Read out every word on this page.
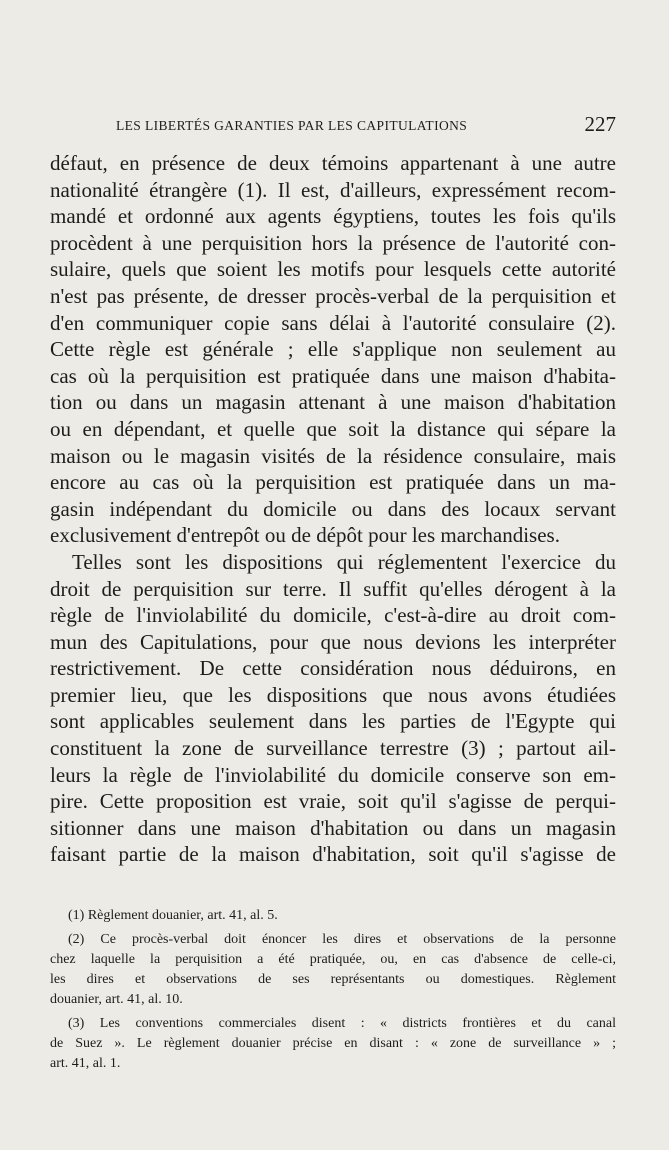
LES LIBERTÉS GARANTIES PAR LES CAPITULATIONS	227

défaut, en présence de deux témoins appartenant à une autre
nationalité étrangère (1). Il est, d'ailleurs, expressément recom-
mandé et ordonné aux agents égyptiens, toutes les fois qu'ils
procèdent à une perquisition hors la présence de l'autorité con-
sulaire, quels que soient les motifs pour lesquels cette autorité
n'est pas présente, de dresser procès-verbal de la perquisition et
d'en communiquer copie sans délai à l'autorité consulaire (2).
Cette règle est générale ; elle s'applique non seulement au
cas où la perquisition est pratiquée dans une maison d'habita-
tion ou dans un magasin attenant à une maison d'habitation
ou en dépendant, et quelle que soit la distance qui sépare la
maison ou le magasin visités de la résidence consulaire, mais
encore au cas où la perquisition est pratiquée dans un ma-
gasin indépendant du domicile ou dans des locaux servant
exclusivement d'entrepôt ou de dépôt pour les marchandises.

Telles sont les dispositions qui réglementent l'exercice du
droit de perquisition sur terre. Il suffit qu'elles dérogent à la
règle de l'inviolabilité du domicile, c'est-à-dire au droit com-
mun des Capitulations, pour que nous devions les interpréter
restrictivement. De cette considération nous déduirons, en
premier lieu, que les dispositions que nous avons étudiées
sont applicables seulement dans les parties de l'Egypte qui
constituent la zone de surveillance terrestre (3) ; partout ail-
leurs la règle de l'inviolabilité du domicile conserve son em-
pire. Cette proposition est vraie, soit qu'il s'agisse de perqui-
sitionner dans une maison d'habitation ou dans un magasin
faisant partie de la maison d'habitation, soit qu'il s'agisse de

(1) Règlement douanier, art. 41, al. 5.
(2) Ce procès-verbal doit énoncer les dires et observations de la personne
chez laquelle la perquisition a été pratiquée, ou, en cas d'absence de celle-ci,
les dires et observations de ses représentants ou domestiques. Règlement
douanier, art. 41, al. 10.
(3) Les conventions commerciales disent : « districts frontières et du canal
de Suez ». Le règlement douanier précise en disant : « zone de surveillance » ;
art. 41, al. 1.
